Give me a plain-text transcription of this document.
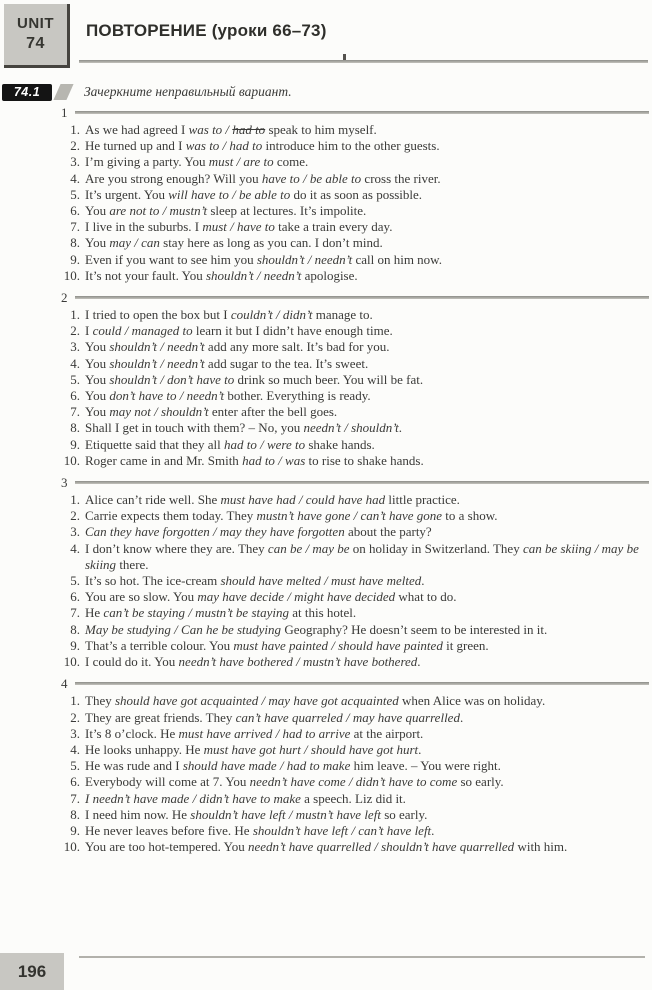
UNIT
74
ПОВТОРЕНИЕ (уроки 66–73)
74.1	Зачеркните неправильный вариант.
1
1. As we had agreed I was to / had to speak to him myself.
2. He turned up and I was to / had to introduce him to the other guests.
3. I’m giving a party. You must / are to come.
4. Are you strong enough? Will you have to / be able to cross the river.
5. It’s urgent. You will have to / be able to do it as soon as possible.
6. You are not to / mustn’t sleep at lectures. It’s impolite.
7. I live in the suburbs. I must / have to take a train every day.
8. You may / can stay here as long as you can. I don’t mind.
9. Even if you want to see him you shouldn’t / needn’t call on him now.
10. It’s not your fault. You shouldn’t / needn’t apologise.
2
1. I tried to open the box but I couldn’t / didn’t manage to.
2. I could / managed to learn it but I didn’t have enough time.
3. You shouldn’t / needn’t add any more salt. It’s bad for you.
4. You shouldn’t / needn’t add sugar to the tea. It’s sweet.
5. You shouldn’t / don’t have to drink so much beer. You will be fat.
6. You don’t have to / needn’t bother. Everything is ready.
7. You may not / shouldn’t enter after the bell goes.
8. Shall I get in touch with them? – No, you needn’t / shouldn’t.
9. Etiquette said that they all had to / were to shake hands.
10. Roger came in and Mr. Smith had to / was to rise to shake hands.
3
1. Alice can’t ride well. She must have had / could have had little practice.
2. Carrie expects them today. They mustn’t have gone / can’t have gone to a show.
3. Can they have forgotten / may they have forgotten about the party?
4. I don’t know where they are. They can be / may be on holiday in Switzerland. They can be skiing / may be skiing there.
5. It’s so hot. The ice-cream should have melted / must have melted.
6. You are so slow. You may have decide / might have decided what to do.
7. He can’t be staying / mustn’t be staying at this hotel.
8. May be studying / Can he be studying Geography? He doesn’t seem to be interested in it.
9. That’s a terrible colour. You must have painted / should have painted it green.
10. I could do it. You needn’t have bothered / mustn’t have bothered.
4
1. They should have got acquainted / may have got acquainted when Alice was on holiday.
2. They are great friends. They can’t have quarreled / may have quarrelled.
3. It’s 8 o’clock. He must have arrived / had to arrive at the airport.
4. He looks unhappy. He must have got hurt / should have got hurt.
5. He was rude and I should have made / had to make him leave. – You were right.
6. Everybody will come at 7. You needn’t have come / didn’t have to come so early.
7. I needn’t have made / didn’t have to make a speech. Liz did it.
8. I need him now. He shouldn’t have left / mustn’t have left so early.
9. He never leaves before five. He shouldn’t have left / can’t have left.
10. You are too hot-tempered. You needn’t have quarrelled / shouldn’t have quarrelled with him.
196
